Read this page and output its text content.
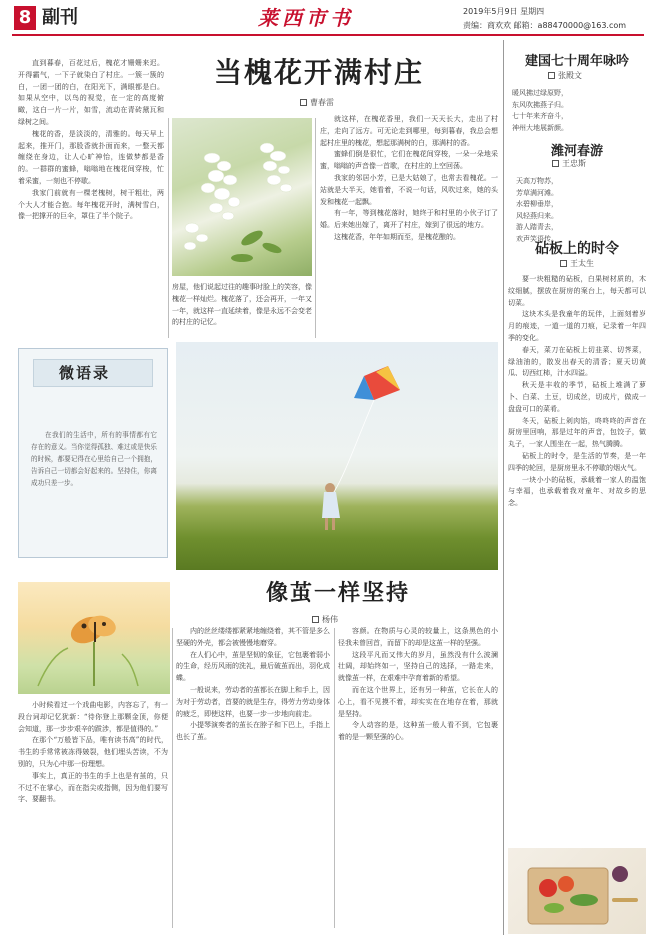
8 副刊	莱西市书	2019年5月9日 星期四
责编：商欢欢 邮箱：a88470000@163.com
当槐花开满村庄
曹春雷

直到暮春，百花过后，槐花才姗姗来迟。开得霸气，一下子就染白了村庄。一簇一簇的白，一团一团的白，在阳光下，满眼都是白。如果从空中，以鸟的视觉，在一定的高度俯瞰，这白一片一片，如雪，流动在青砖黛瓦和绿树之间。

槐花的香，是淡淡的，清雅的。每天早上起来，推开门，那股香就扑面而来，一整天都缠绕在身边，让人心旷神怡，连做梦都是香的。一群群的蜜蜂，嗡嗡地在槐花间穿梭，忙着采蜜，一刻也不停歇。

我家门前就有一棵老槐树，树干粗壮，两个大人才能合抱。每年槐花开时，满树雪白，像一把撑开的巨伞，罩住了半个院子。

房屋，他们说起过往的趣事时脸上的笑容，像槐花一样灿烂。槐花落了，还会再开，一年又一年，就这样一直延续着，像是永远不会变老的村庄的记忆。

就这样，在槐花香里，我们一天天长大，走出了村庄，走向了远方。可无论走到哪里，每到暮春，我总会想起村庄里的槐花，想起那满树的白，那满村的香。

蜜蜂们倒是很忙，它们在槐花间穿梭，一朵一朵地采蜜，嗡嗡的声音像一首歌，在村庄的上空回荡。

我家的邻居小芳，已是大姑娘了，也常去看槐花。一站就是大半天，她看着，不说一句话，风吹过来，她的头发和槐花一起飘。

有一年，等到槐花落时，她终于和村里的小伙子订了婚。后来她出嫁了，离开了村庄，嫁到了很远的地方。

这槐花香，年年如期而至，是槐花酿的。

微语录
在我们的生活中，所有的事情都有它存在的意义。当你觉得孤独、难过或是快乐的时候，都要记得在心里给自己一个拥抱，告诉自己一切都会好起来的。坚持住，你离成功只差一步。
像茧一样坚持
杨伟

小时候看过一个戏曲电影，内容忘了，有一段台词却记忆犹新：“待你登上那颗金顶，你便会知道，那一步步艰辛的跋涉，都是值得的。”

在那个“万般皆下品，唯有读书高”的时代，书生的手常常被冻得皴裂，他们埋头苦读，不为别的，只为心中那一份理想。

事实上，真正的书生的手上也是有茧的，只不过不在掌心，而在指尖或指侧，因为他们要写字、要翻书。

内的丝丝缕缕都紧紧地缠绕着，其不管是多么坚硬的外壳，都会被慢慢地磨穿。

在人们心中，茧是坚韧的象征，它包裹着弱小的生命，经历风雨的洗礼，最后破茧而出，羽化成蝶。

一般说来，劳动者的茧都长在脚上和手上，因为对于劳动者，首要的就是生存，得劳力劳动身体的疲乏，即使这样，也要一步一步地向前走。

小提琴演奏者的茧长在脖子和下巴上，手指上也长了茧。

容颜。在物质与心灵的较量上，这条黑色的小径我未曾回首，而留下的却是这茧一样的坚强。

这段平凡而又伟大的岁月，虽然没有什么波澜壮阔，却始终如一，坚持自己的选择，一路走来，就像茧一样，在艰难中孕育着新的希望。

而在这个世界上，还有另一种茧，它长在人的心上，看不见摸不着，却实实在在地存在着，那就是坚持。

令人动容的是，这种茧一般人看不到，它包裹着的是一颗坚强的心。

建国七十周年咏吟
张殿文
暖风拂过绿原野，
东风吹拂燕子归。
七十年来齐奋斗，
神州大地展新颜。
潍河春游
王忠斯
天高万物苏，
芳草满河滩。
水碧柳垂岸，
风轻燕归来。
游人踏青去，
欢声笑语传。
砧板上的时令
王太生

要一块粗糙的砧板，白果树材质的，木纹细腻，摆放在厨房的案台上，每天都可以切菜。

这块木头是我童年的玩伴，上面刻着岁月的痕迹，一道一道的刀痕，记录着一年四季的变化。

春天，菜刀在砧板上切韭菜、切荠菜，绿油油的，散发出春天的清香；夏天切黄瓜、切西红柿，汁水四溢。

秋天是丰收的季节，砧板上堆满了萝卜、白菜、土豆，切成丝，切成片，做成一盘盘可口的菜肴。

冬天，砧板上剁肉馅，咚咚咚的声音在厨房里回响，那是过年的声音，包饺子，做丸子，一家人围坐在一起，热气腾腾。

砧板上的时令，是生活的节奏，是一年四季的轮回，是厨房里永不停歇的烟火气。

一块小小的砧板，承载着一家人的温饱与幸福，也承载着我对童年、对故乡的思念。
